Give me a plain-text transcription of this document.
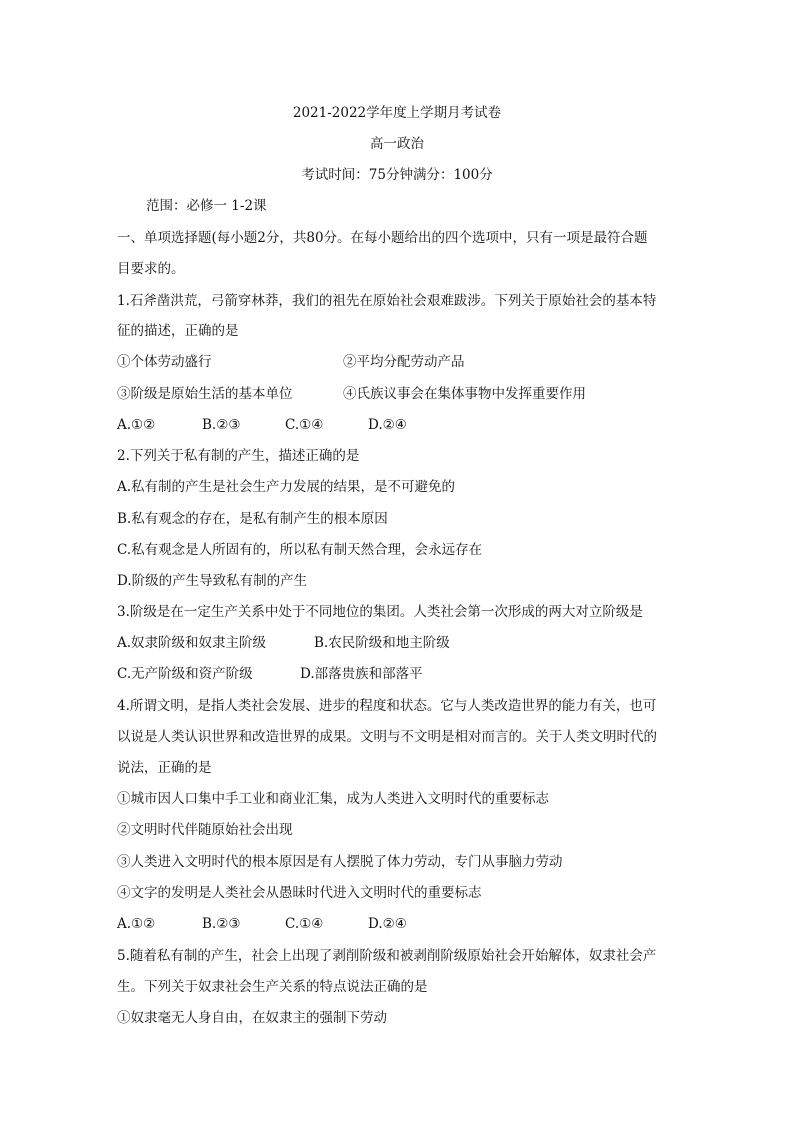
2021-2022学年度上学期月考试卷
高一政治
考试时间：75分钟满分：100分
范围：必修一 1-2课
一、单项选择题(每小题2分，共80分。在每小题给出的四个选项中，只有一项是最符合题
目要求的。
1.石斧凿洪荒，弓箭穿林莽，我们的祖先在原始社会艰难跋涉。下列关于原始社会的基本特
征的描述，正确的是
①个体劳动盛行	②平均分配劳动产品
③阶级是原始生活的基本单位	④氏族议事会在集体事物中发挥重要作用
A.①②	B.②③	C.①④	D.②④
2.下列关于私有制的产生，描述正确的是
A.私有制的产生是社会生产力发展的结果，是不可避免的
B.私有观念的存在，是私有制产生的根本原因
C.私有观念是人所固有的，所以私有制天然合理，会永远存在
D.阶级的产生导致私有制的产生
3.阶级是在一定生产关系中处于不同地位的集团。人类社会第一次形成的两大对立阶级是
A.奴隶阶级和奴隶主阶级	B.农民阶级和地主阶级
C.无产阶级和资产阶级	D.部落贵族和部落平
4.所谓文明，是指人类社会发展、进步的程度和状态。它与人类改造世界的能力有关，也可
以说是人类认识世界和改造世界的成果。文明与不文明是相对而言的。关于人类文明时代的
说法，正确的是
①城市因人口集中手工业和商业汇集，成为人类进入文明时代的重要标志
②文明时代伴随原始社会出现
③人类进入文明时代的根本原因是有人摆脱了体力劳动，专门从事脑力劳动
④文字的发明是人类社会从愚昧时代进入文明时代的重要标志
A.①②	B.②③	C.①④	D.②④
5.随着私有制的产生，社会上出现了剥削阶级和被剥削阶级原始社会开始解体，奴隶社会产
生。下列关于奴隶社会生产关系的特点说法正确的是
①奴隶毫无人身自由，在奴隶主的强制下劳动
